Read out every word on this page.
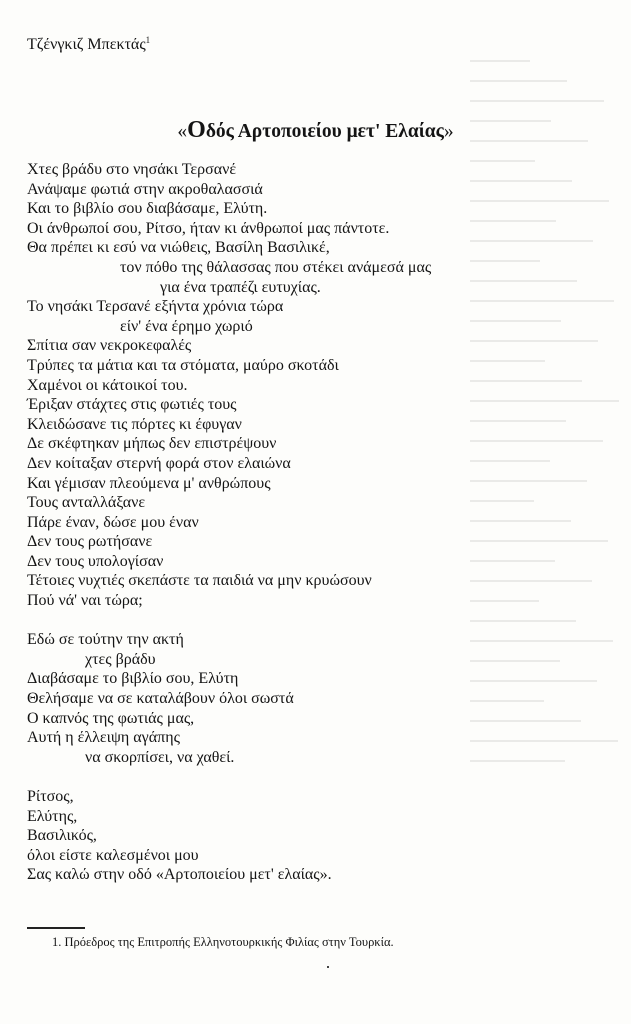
Τζένγκιζ Μπεκτάς$^1$
«Οδός Αρτοποιείου μετ' Ελαίας»
Χτες βράδυ στο νησάκι Τερσανέ
Ανάψαμε φωτιά στην ακροθαλασσιά
Και το βιβλίο σου διαβάσαμε, Ελύτη.
Οι άνθρωποί σου, Ρίτσο, ήταν κι άνθρωποί μας πάντοτε.
Θα πρέπει κι εσύ να νιώθεις, Βασίλη Βασιλικέ,
τον πόθο της θάλασσας που στέκει ανάμεσά μας
για ένα τραπέζι ευτυχίας.
Το νησάκι Τερσανέ εξήντα χρόνια τώρα
είν' ένα έρημο χωριό
Σπίτια σαν νεκροκεφαλές
Τρύπες τα μάτια και τα στόματα, μαύρο σκοτάδι
Χαμένοι οι κάτοικοί του.
Έριξαν στάχτες στις φωτιές τους
Κλειδώσανε τις πόρτες κι έφυγαν
Δε σκέφτηκαν μήπως δεν επιστρέψουν
Δεν κοίταξαν στερνή φορά στον ελαιώνα
Και γέμισαν πλεούμενα μ' ανθρώπους
Τους ανταλλάξανε
Πάρε έναν, δώσε μου έναν
Δεν τους ρωτήσανε
Δεν τους υπολογίσαν
Τέτοιες νυχτιές σκεπάστε τα παιδιά να μην κρυώσουν
Πού νά' ναι τώρα;
Εδώ σε τούτην την ακτή
χτες βράδυ
Διαβάσαμε το βιβλίο σου, Ελύτη
Θελήσαμε να σε καταλάβουν όλοι σωστά
Ο καπνός της φωτιάς μας,
Αυτή η έλλειψη αγάπης
να σκορπίσει, να χαθεί.
Ρίτσος,
Ελύτης,
Βασιλικός,
όλοι είστε καλεσμένοι μου
Σας καλώ στην οδό «Αρτοποιείου μετ' ελαίας».
1. Πρόεδρος της Επιτροπής Ελληνοτουρκικής Φιλίας στην Τουρκία.
